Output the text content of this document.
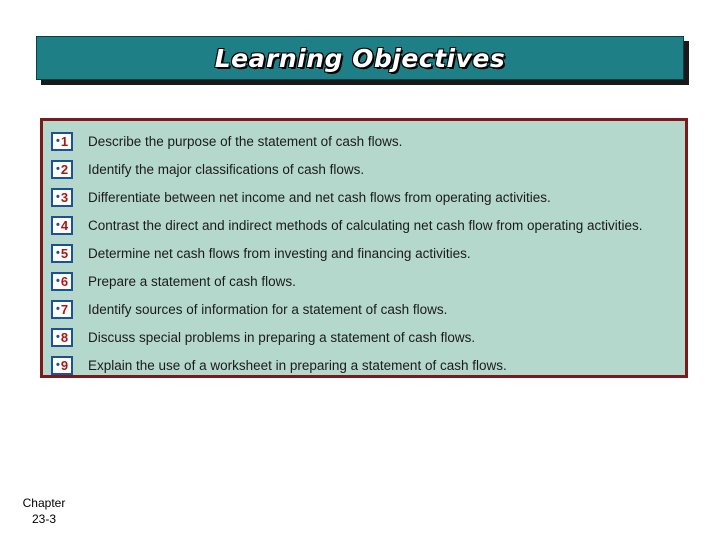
Learning Objectives
• 1 Describe the purpose of the statement of cash flows.
• 2 Identify the major classifications of cash flows.
• 3 Differentiate between net income and net cash flows from operating activities.
• 4 Contrast the direct and indirect methods of calculating net cash flow from operating activities.
• 5 Determine net cash flows from investing and financing activities.
• 6 Prepare a statement of cash flows.
• 7 Identify sources of information for a statement of cash flows.
• 8 Discuss special problems in preparing a statement of cash flows.
• 9 Explain the use of a worksheet in preparing a statement of cash flows.
Chapter
23-3
